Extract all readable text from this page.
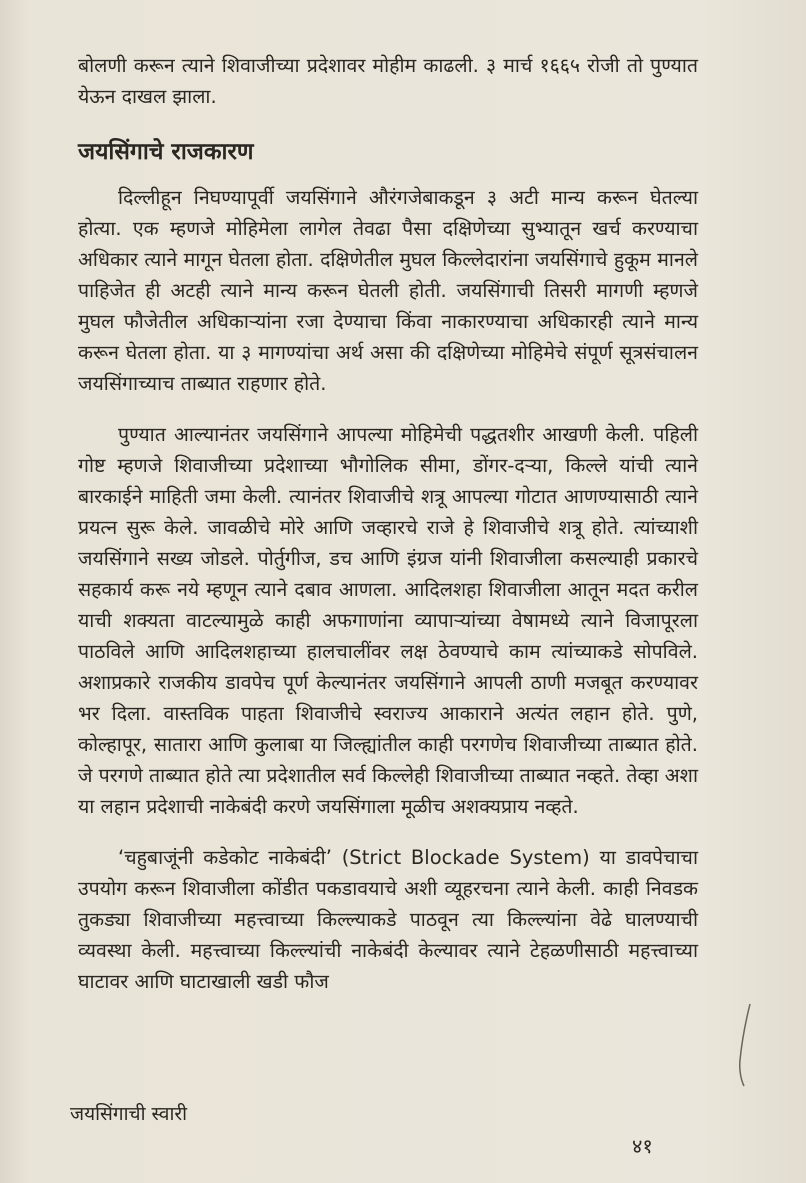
बोलणी करून त्याने शिवाजीच्या प्रदेशावर मोहीम काढली. ३ मार्च १६६५ रोजी तो पुण्यात येऊन दाखल झाला.

जयसिंगाचे राजकारण

दिल्लीहून निघण्यापूर्वी जयसिंगाने औरंगजेबाकडून ३ अटी मान्य करून घेतल्या होत्या. एक म्हणजे मोहिमेला लागेल तेवढा पैसा दक्षिणेच्या सुभ्यातून खर्च करण्याचा अधिकार त्याने मागून घेतला होता. दक्षिणेतील मुघल किल्लेदारांना जयसिंगाचे हुकूम मानले पाहिजेत ही अटही त्याने मान्य करून घेतली होती. जयसिंगाची तिसरी मागणी म्हणजे मुघल फौजेतील अधिकाऱ्यांना रजा देण्याचा किंवा नाकारण्याचा अधिकारही त्याने मान्य करून घेतला होता. या ३ मागण्यांचा अर्थ असा की दक्षिणेच्या मोहिमेचे संपूर्ण सूत्रसंचालन जयसिंगाच्याच ताब्यात राहणार होते.

पुण्यात आल्यानंतर जयसिंगाने आपल्या मोहिमेची पद्धतशीर आखणी केली. पहिली गोष्ट म्हणजे शिवाजीच्या प्रदेशाच्या भौगोलिक सीमा, डोंगर-दऱ्या, किल्ले यांची त्याने बारकाईने माहिती जमा केली. त्यानंतर शिवाजीचे शत्रू आपल्या गोटात आणण्यासाठी त्याने प्रयत्न सुरू केले. जावळीचे मोरे आणि जव्हारचे राजे हे शिवाजीचे शत्रू होते. त्यांच्याशी जयसिंगाने सख्य जोडले. पोर्तुगीज, डच आणि इंग्रज यांनी शिवाजीला कसल्याही प्रकारचे सहकार्य करू नये म्हणून त्याने दबाव आणला. आदिलशहा शिवाजीला आतून मदत करील याची शक्यता वाटल्यामुळे काही अफगाणांना व्यापाऱ्यांच्या वेषामध्ये त्याने विजापूरला पाठविले आणि आदिलशहाच्या हालचालींवर लक्ष ठेवण्याचे काम त्यांच्याकडे सोपविले. अशाप्रकारे राजकीय डावपेच पूर्ण केल्यानंतर जयसिंगाने आपली ठाणी मजबूत करण्यावर भर दिला. वास्तविक पाहता शिवाजीचे स्वराज्य आकाराने अत्यंत लहान होते. पुणे, कोल्हापूर, सातारा आणि कुलाबा या जिल्ह्यांतील काही परगणेच शिवाजीच्या ताब्यात होते. जे परगणे ताब्यात होते त्या प्रदेशातील सर्व किल्लेही शिवाजीच्या ताब्यात नव्हते. तेव्हा अशा या लहान प्रदेशाची नाकेबंदी करणे जयसिंगाला मूळीच अशक्यप्राय नव्हते.

‘चहुबाजूंनी कडेकोट नाकेबंदी’ (Strict Blockade System) या डावपेचाचा उपयोग करून शिवाजीला कोंडीत पकडावयाचे अशी व्यूहरचना त्याने केली. काही निवडक तुकड्या शिवाजीच्या महत्त्वाच्या किल्ल्याकडे पाठवून त्या किल्ल्यांना वेढे घालण्याची व्यवस्था केली. महत्त्वाच्या किल्ल्यांची नाकेबंदी केल्यावर त्याने टेहळणीसाठी महत्त्वाच्या घाटावर आणि घाटाखाली खडी फौज

जयसिंगाची स्वारी
४१
